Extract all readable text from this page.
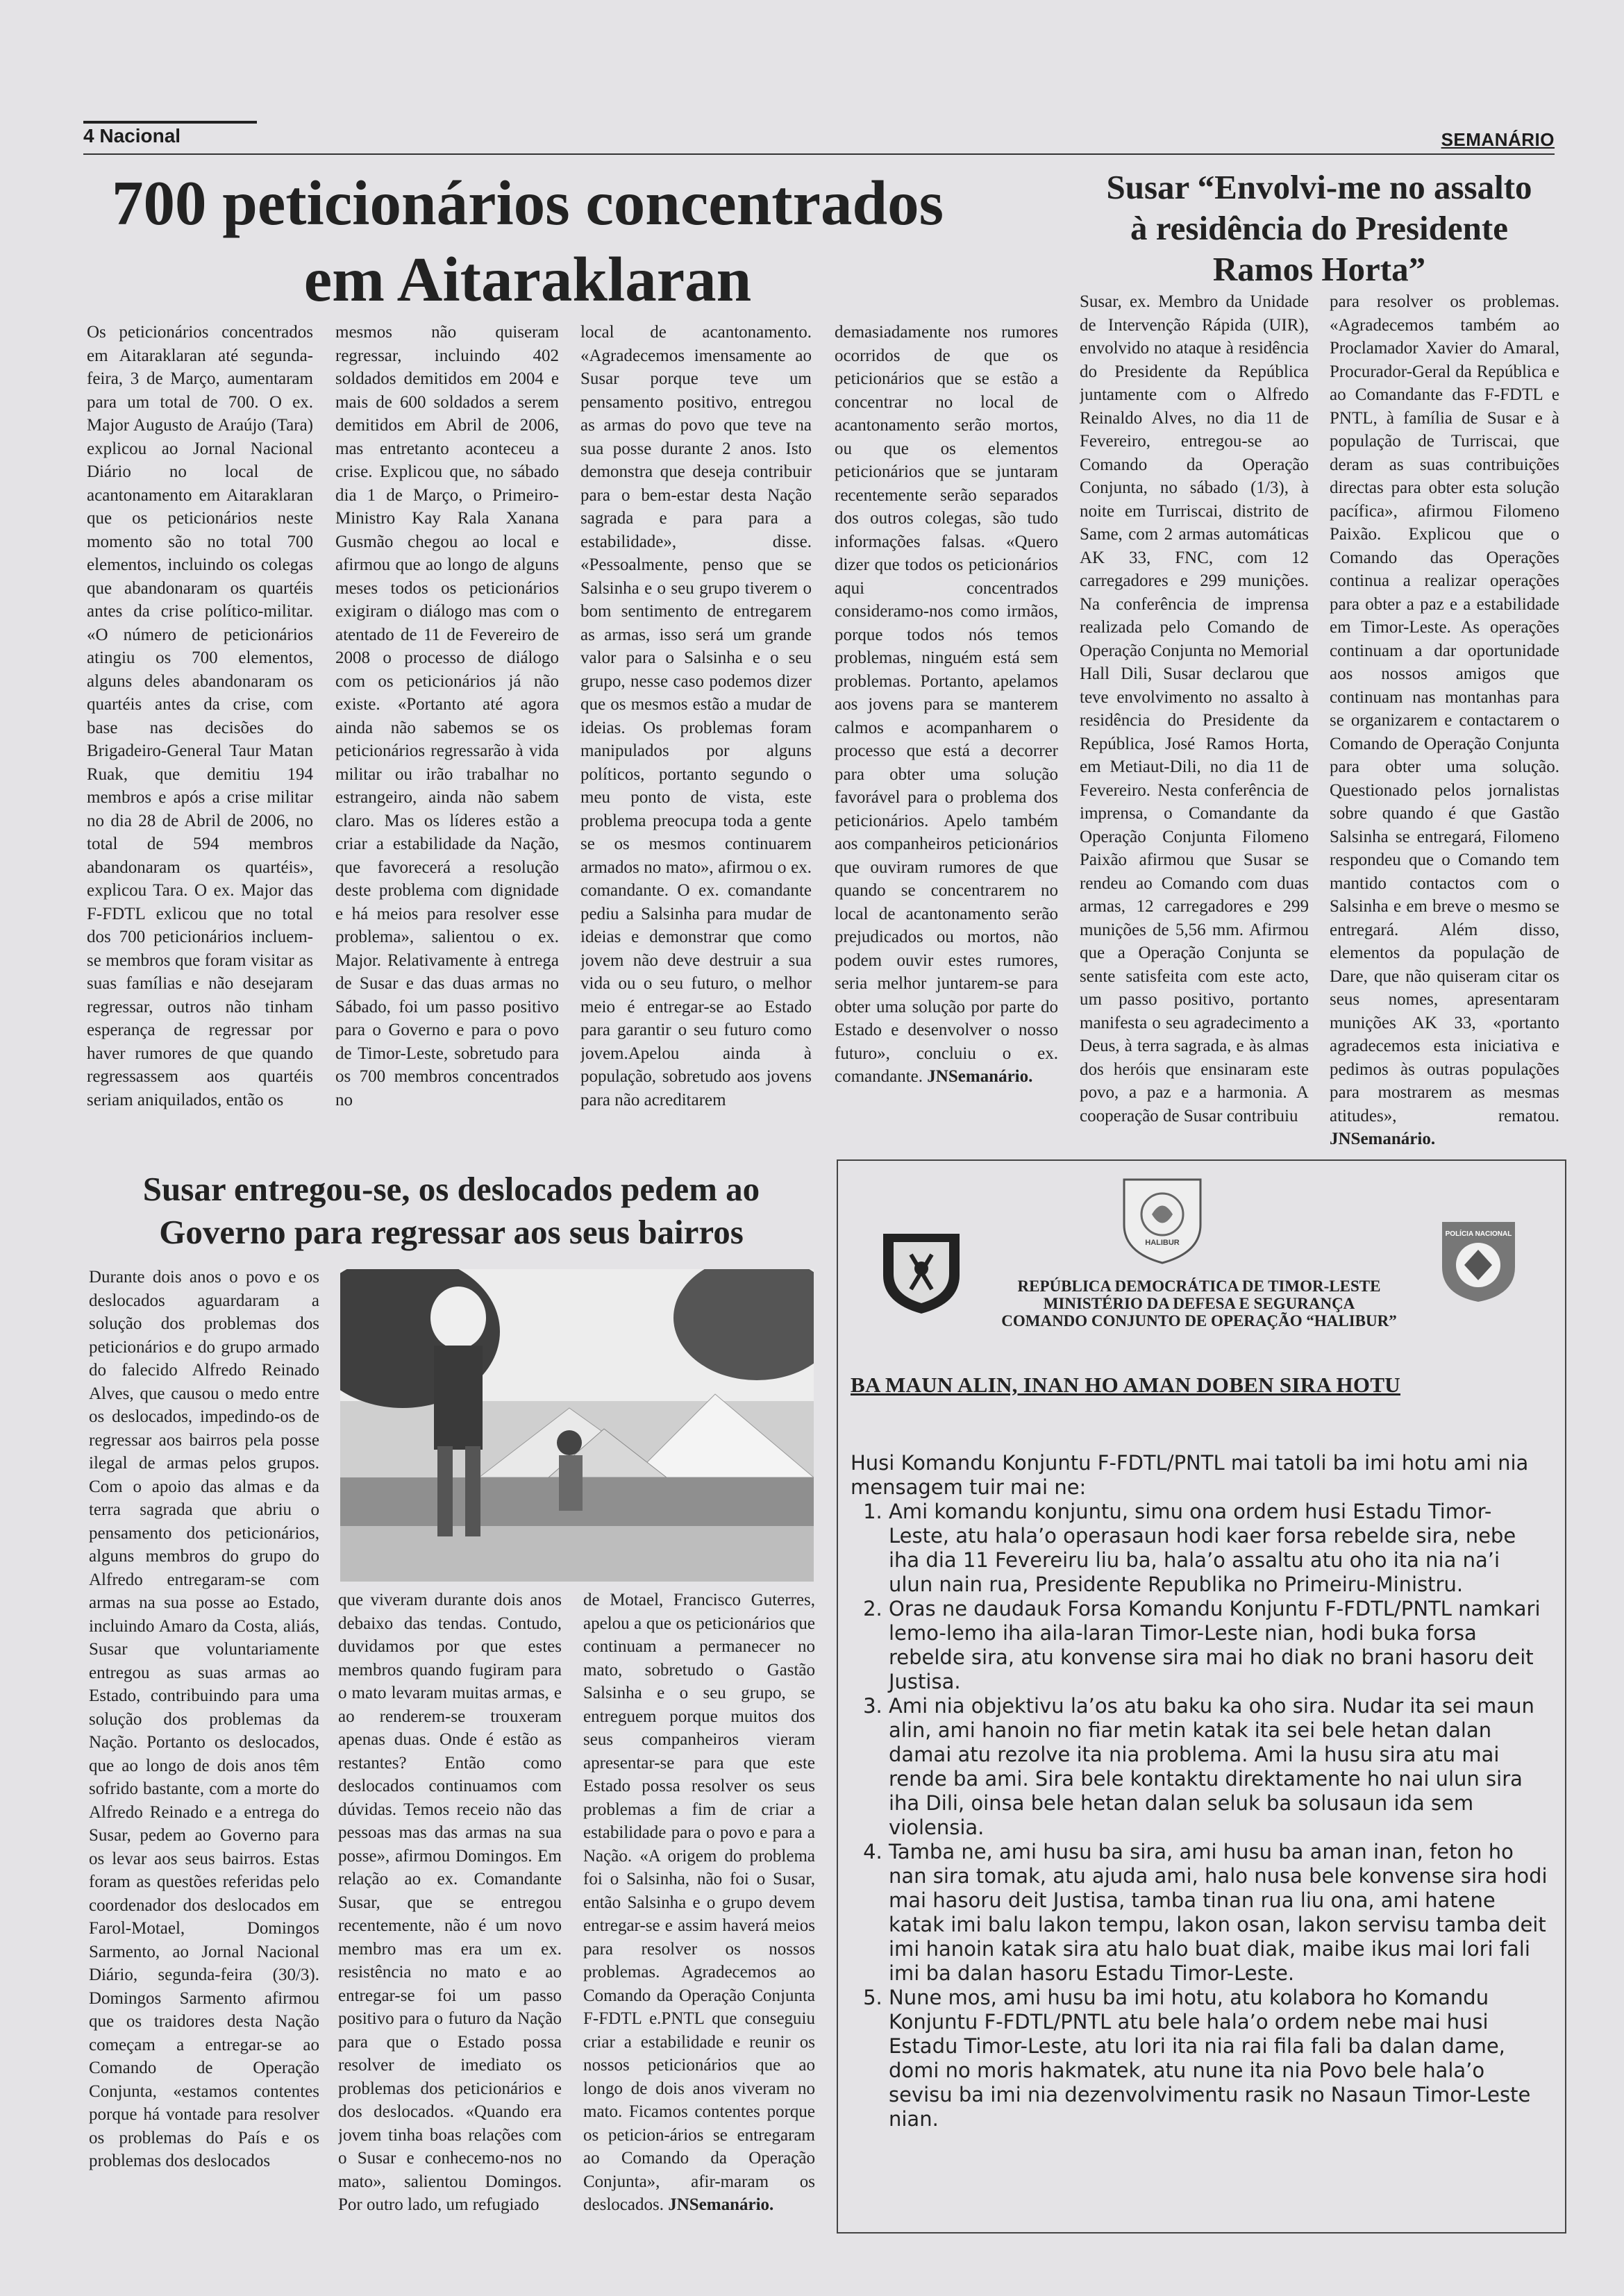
4 Nacional	SEMANÁRIO
700 peticionários concentrados
em Aitaraklaran

Os peticionários concentrados em Aitaraklaran até segunda-feira, 3 de Março, aumentaram para um total de 700. O ex. Major Augusto de Araújo (Tara) explicou ao Jornal Nacional Diário no local de acantonamento em Aitaraklaran que os peticionários neste momento são no total 700 elementos, incluindo os colegas que abandonaram os quartéis antes da crise político-militar. «O número de peticionários atingiu os 700 elementos, alguns deles abandonaram os quartéis antes da crise, com base nas decisões do Brigadeiro-General Taur Matan Ruak, que demitiu 194 membros e após a crise militar no dia 28 de Abril de 2006, no total de 594 membros abandonaram os quartéis», explicou Tara. O ex. Major das F-FDTL exlicou que no total dos 700 peticionários incluem-se membros que foram visitar as suas famílias e não desejaram regressar, outros não tinham esperança de regressar por haver rumores de que quando regressassem aos quartéis seriam aniquilados, então os

mesmos não quiseram regressar, incluindo 402 soldados demitidos em 2004 e mais de 600 soldados a serem demitidos em Abril de 2006, mas entretanto aconteceu a crise. Explicou que, no sábado dia 1 de Março, o Primeiro-Ministro Kay Rala Xanana Gusmão chegou ao local e afirmou que ao longo de alguns meses todos os peticionários exigiram o diálogo mas com o atentado de 11 de Fevereiro de 2008 o processo de diálogo com os peticionários já não existe. «Portanto até agora ainda não sabemos se os peticionários regressarão à vida militar ou irão trabalhar no estrangeiro, ainda não sabem claro. Mas os líderes estão a criar a estabilidade da Nação, que favorecerá a resolução deste problema com dignidade e há meios para resolver esse problema», salientou o ex. Major. Relativamente à entrega de Susar e das duas armas no Sábado, foi um passo positivo para o Governo e para o povo de Timor-Leste, sobretudo para os 700 membros concentrados no

local de acantonamento. «Agradecemos imensamente ao Susar porque teve um pensamento positivo, entregou as armas do povo que teve na sua posse durante 2 anos. Isto demonstra que deseja contribuir para o bem-estar desta Nação sagrada e para para a estabilidade», disse. «Pessoalmente, penso que se Salsinha e o seu grupo tiverem o bom sentimento de entregarem as armas, isso será um grande valor para o Salsinha e o seu grupo, nesse caso podemos dizer que os mesmos estão a mudar de ideias. Os problemas foram manipulados por alguns políticos, portanto segundo o meu ponto de vista, este problema preocupa toda a gente se os mesmos continuarem armados no mato», afirmou o ex. comandante. O ex. comandante pediu a Salsinha para mudar de ideias e demonstrar que como jovem não deve destruir a sua vida ou o seu futuro, o melhor meio é entregar-se ao Estado para garantir o seu futuro como jovem.Apelou ainda à população, sobretudo aos jovens para não acreditarem

demasiadamente nos rumores ocorridos de que os peticionários que se estão a concentrar no local de acantonamento serão mortos, ou que os elementos peticionários que se juntaram recentemente serão separados dos outros colegas, são tudo informações falsas. «Quero dizer que todos os peticionários aqui concentrados consideramo-nos como irmãos, porque todos nós temos problemas, ninguém está sem problemas. Portanto, apelamos aos jovens para se manterem calmos e acompanharem o processo que está a decorrer para obter uma solução favorável para o problema dos peticionários. Apelo também aos companheiros peticionários que ouviram rumores de que quando se concentrarem no local de acantonamento serão prejudicados ou mortos, não podem ouvir estes rumores, seria melhor juntarem-se para obter uma solução por parte do Estado e desenvolver o nosso futuro», concluiu o ex. comandante. JNSemanário.

Susar “Envolvi-me no assalto
à residência do Presidente
Ramos Horta”

Susar, ex. Membro da Unidade de Intervenção Rápida (UIR), envolvido no ataque à residência do Presidente da República juntamente com o Alfredo Reinaldo Alves, no dia 11 de Fevereiro, entregou-se ao Comando da Operação Conjunta, no sábado (1/3), à noite em Turriscai, distrito de Same, com 2 armas automáticas AK 33, FNC, com 12 carregadores e 299 munições. Na conferência de imprensa realizada pelo Comando de Operação Conjunta no Memorial Hall Dili, Susar declarou que teve envolvimento no assalto à residência do Presidente da República, José Ramos Horta, em Metiaut-Dili, no dia 11 de Fevereiro. Nesta conferência de imprensa, o Comandante da Operação Conjunta Filomeno Paixão afirmou que Susar se rendeu ao Comando com duas armas, 12 carregadores e 299 munições de 5,56 mm. Afirmou que a Operação Conjunta se sente satisfeita com este acto, um passo positivo, portanto manifesta o seu agradecimento a Deus, à terra sagrada, e às almas dos heróis que ensinaram este povo, a paz e a harmonia. A cooperação de Susar contribuiu

para resolver os problemas. «Agradecemos também ao Proclamador Xavier do Amaral, Procurador-Geral da República e ao Comandante das F-FDTL e PNTL, à família de Susar e à população de Turriscai, que deram as suas contribuições directas para obter esta solução pacífica», afirmou Filomeno Paixão. Explicou que o Comando das Operações continua a realizar operações para obter a paz e a estabilidade em Timor-Leste. As operações continuam a dar oportunidade aos nossos amigos que continuam nas montanhas para se organizarem e contactarem o Comando de Operação Conjunta para obter uma solução. Questionado pelos jornalistas sobre quando é que Gastão Salsinha se entregará, Filomeno respondeu que o Comando tem mantido contactos com o Salsinha e em breve o mesmo se entregará. Além disso, elementos da população de Dare, que não quiseram citar os seus nomes, apresentaram munições AK 33, «portanto agradecemos esta iniciativa e pedimos às outras populações para mostrarem as mesmas atitudes», rematou. JNSemanário.

Susar entregou-se, os deslocados pedem ao
Governo para regressar aos seus bairros

Durante dois anos o povo e os deslocados aguardaram a solução dos problemas dos peticionários e do grupo armado do falecido Alfredo Reinado Alves, que causou o medo entre os deslocados, impedindo-os de regressar aos bairros pela posse ilegal de armas pelos grupos. Com o apoio das almas e da terra sagrada que abriu o pensamento dos peticionários, alguns membros do grupo do Alfredo entregaram-se com armas na sua posse ao Estado, incluindo Amaro da Costa, aliás, Susar que voluntariamente entregou as suas armas ao Estado, contribuindo para uma solução dos problemas da Nação. Portanto os deslocados, que ao longo de dois anos têm sofrido bastante, com a morte do Alfredo Reinado e a entrega do Susar, pedem ao Governo para os levar aos seus bairros. Estas foram as questões referidas pelo coordenador dos deslocados em Farol-Motael, Domingos Sarmento, ao Jornal Nacional Diário, segunda-feira (30/3). Domingos Sarmento afirmou que os traidores desta Nação começam a entregar-se ao Comando de Operação Conjunta, «estamos contentes porque há vontade para resolver os problemas do País e os problemas dos deslocados

que viveram durante dois anos debaixo das tendas. Contudo, duvidamos por que estes membros quando fugiram para o mato levaram muitas armas, e ao renderem-se trouxeram apenas duas. Onde é estão as restantes? Então como deslocados continuamos com dúvidas. Temos receio não das pessoas mas das armas na sua posse», afirmou Domingos. Em relação ao ex. Comandante Susar, que se entregou recentemente, não é um novo membro mas era um ex. resistência no mato e ao entregar-se foi um passo positivo para o futuro da Nação para que o Estado possa resolver de imediato os problemas dos peticionários e dos deslocados. «Quando era jovem tinha boas relações com o Susar e conhecemo-nos no mato», salientou Domingos. Por outro lado, um refugiado

de Motael, Francisco Guterres, apelou a que os peticionários que continuam a permanecer no mato, sobretudo o Gastão Salsinha e o seu grupo, se entreguem porque muitos dos seus companheiros vieram apresentar-se para que este Estado possa resolver os seus problemas a fim de criar a estabilidade para o povo e para a Nação. «A origem do problema foi o Salsinha, não foi o Susar, então Salsinha e o grupo devem entregar-se e assim haverá meios para resolver os nossos problemas. Agradecemos ao Comando da Operação Conjunta F-FDTL e.PNTL que conseguiu criar a estabilidade e reunir os nossos peticionários que ao longo de dois anos viveram no mato. Ficamos contentes porque os peticion-ários se entregaram ao Comando da Operação Conjunta», afir-maram os deslocados. JNSemanário.

HALIBUR
POLÍCIA NACIONAL
REPÚBLICA DEMOCRÁTICA DE TIMOR-LESTE
MINISTÉRIO DA DEFESA E SEGURANÇA
COMANDO CONJUNTO DE OPERAÇÃO “HALIBUR”
BA MAUN ALIN, INAN HO AMAN DOBEN SIRA HOTU
Husi Komandu Konjuntu F-FDTL/PNTL mai tatoli ba imi hotu ami nia mensagem tuir mai ne:
1. Ami komandu konjuntu, simu ona ordem husi Estadu Timor-Leste, atu hala’o operasaun hodi kaer forsa rebelde sira, nebe iha dia 11 Fevereiru liu ba, hala’o assaltu atu oho ita nia na’i ulun nain rua, Presidente Republika no Primeiru-Ministru.
2. Oras ne daudauk Forsa Komandu Konjuntu F-FDTL/PNTL namkari lemo-lemo iha aila-laran Timor-Leste nian, hodi buka forsa rebelde sira, atu konvense sira mai ho diak no brani hasoru deit Justisa.
3. Ami nia objektivu la’os atu baku ka oho sira. Nudar ita sei maun alin, ami hanoin no fiar metin katak ita sei bele hetan dalan damai atu rezolve ita nia problema. Ami la husu sira atu mai rende ba ami. Sira bele kontaktu direktamente ho nai ulun sira iha Dili, oinsa bele hetan dalan seluk ba solusaun ida sem violensia.
4. Tamba ne, ami husu ba sira, ami husu ba aman inan, feton ho nan sira tomak, atu ajuda ami, halo nusa bele konvense sira hodi mai hasoru deit Justisa, tamba tinan rua liu ona, ami hatene katak imi balu lakon tempu, lakon osan, lakon servisu tamba deit imi hanoin katak sira atu halo buat diak, maibe ikus mai lori fali imi ba dalan hasoru Estadu Timor-Leste.
5. Nune mos, ami husu ba imi hotu, atu kolabora ho Komandu Konjuntu F-FDTL/PNTL atu bele hala’o ordem nebe mai husi Estadu Timor-Leste, atu lori ita nia rai fila fali ba dalan dame, domi no moris hakmatek, atu nune ita nia Povo bele hala’o sevisu ba imi nia dezenvolvimentu rasik no Nasaun Timor-Leste nian.
